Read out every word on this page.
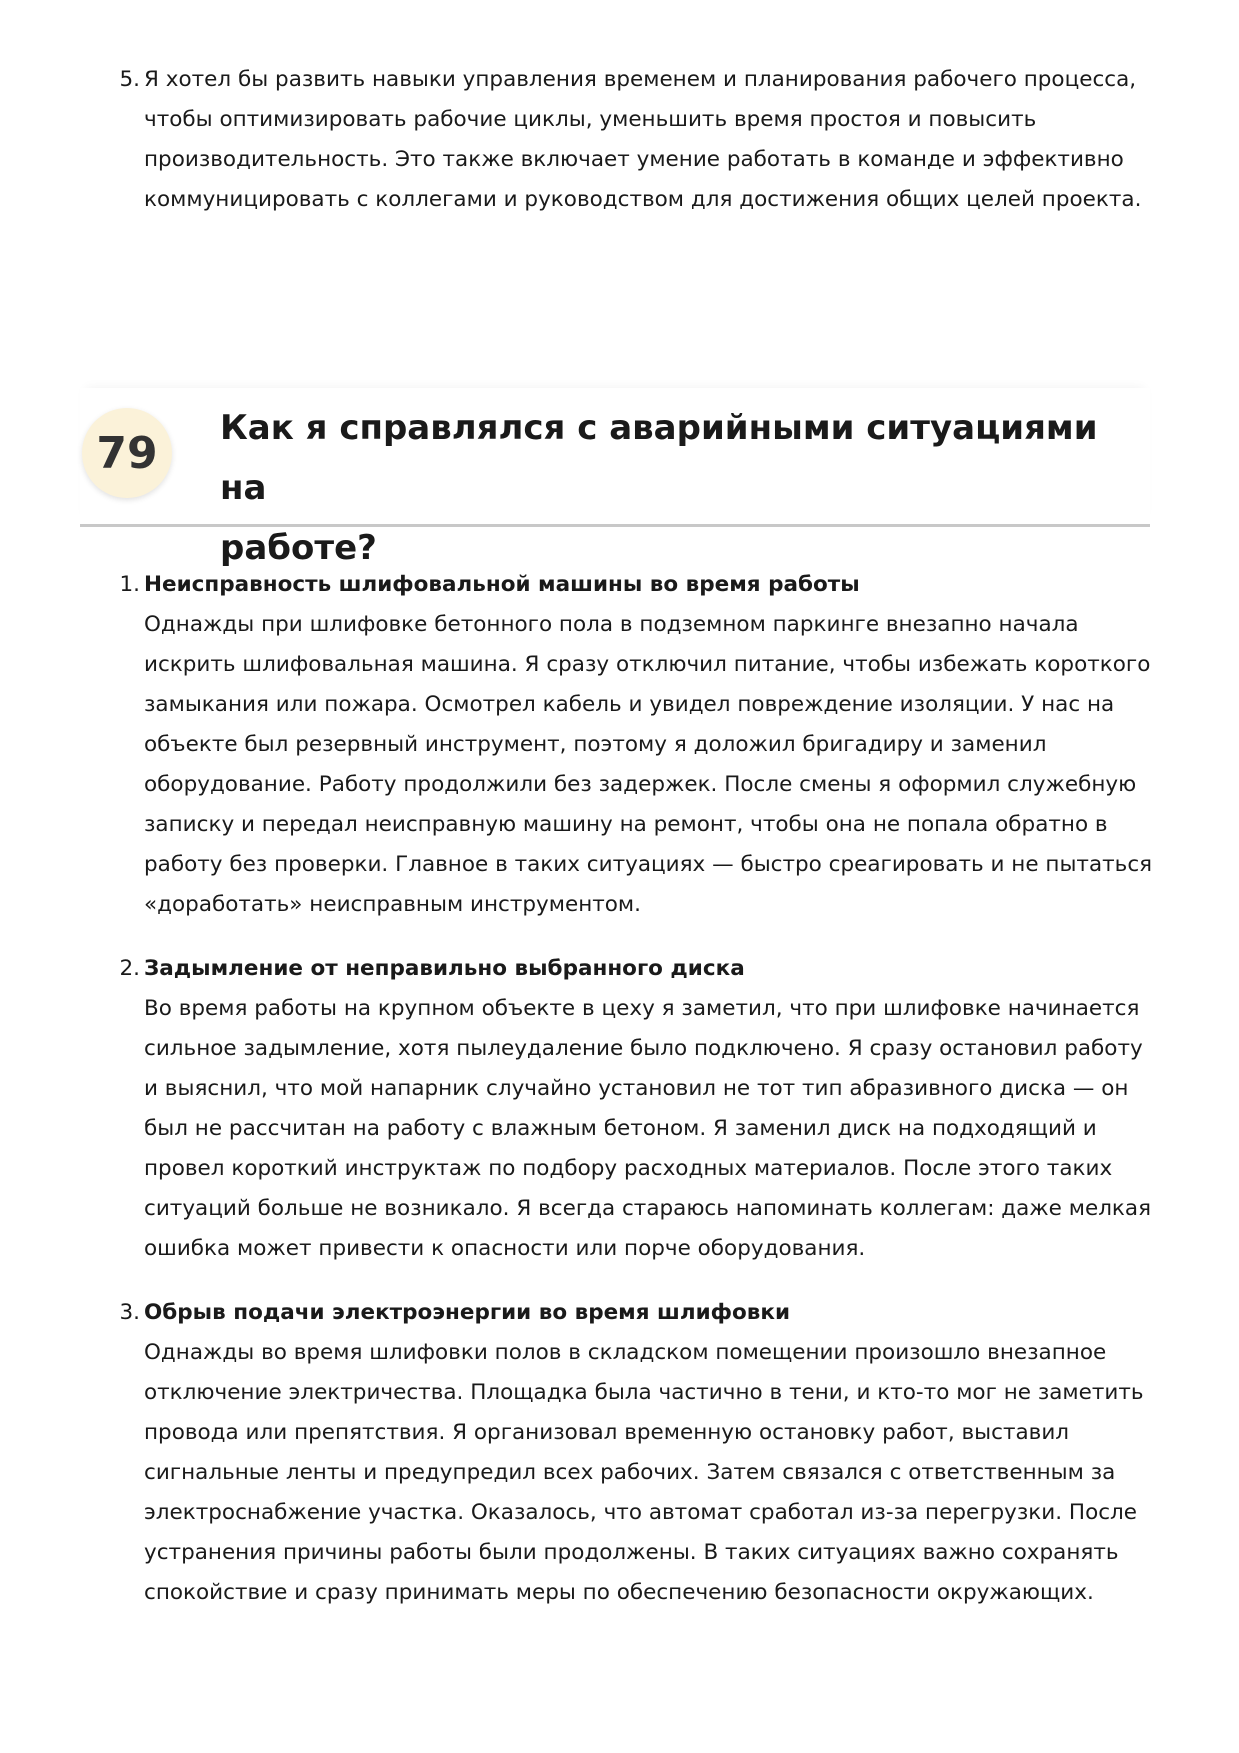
5 . Я хотел бы развить навыки управления временем и планирования рабочего процесса,
чтобы оптимизировать рабочие циклы, уменьшить время простоя и повысить
производительность. Это также включает умение работать в команде и эффективно
коммуницировать с коллегами и руководством для достижения общих целей проекта.
79	Как я справлялся с аварийными ситуациями на
работе?
1 . Неисправность шлифовальной машины во время работы
Однажды при шлифовке бетонного пола в подземном паркинге внезапно начала
искрить шлифовальная машина. Я сразу отключил питание, чтобы избежать короткого
замыкания или пожара. Осмотрел кабель и увидел повреждение изоляции. У нас на
объекте был резервный инструмент, поэтому я доложил бригадиру и заменил
оборудование. Работу продолжили без задержек. После смены я оформил служебную
записку и передал неисправную машину на ремонт, чтобы она не попала обратно в
работу без проверки. Главное в таких ситуациях — быстро среагировать и не пытаться
«доработать» неисправным инструментом.
2 . Задымление от неправильно выбранного диска
Во время работы на крупном объекте в цеху я заметил, что при шлифовке начинается
сильное задымление, хотя пылеудаление было подключено. Я сразу остановил работу
и выяснил, что мой напарник случайно установил не тот тип абразивного диска — он
был не рассчитан на работу с влажным бетоном. Я заменил диск на подходящий и
провел короткий инструктаж по подбору расходных материалов. После этого таких
ситуаций больше не возникало. Я всегда стараюсь напоминать коллегам: даже мелкая
ошибка может привести к опасности или порче оборудования.
3 . Обрыв подачи электроэнергии во время шлифовки
Однажды во время шлифовки полов в складском помещении произошло внезапное
отключение электричества. Площадка была частично в тени, и кто-то мог не заметить
провода или препятствия. Я организовал временную остановку работ, выставил
сигнальные ленты и предупредил всех рабочих. Затем связался с ответственным за
электроснабжение участка. Оказалось, что автомат сработал из-за перегрузки. После
устранения причины работы были продолжены. В таких ситуациях важно сохранять
спокойствие и сразу принимать меры по обеспечению безопасности окружающих.
